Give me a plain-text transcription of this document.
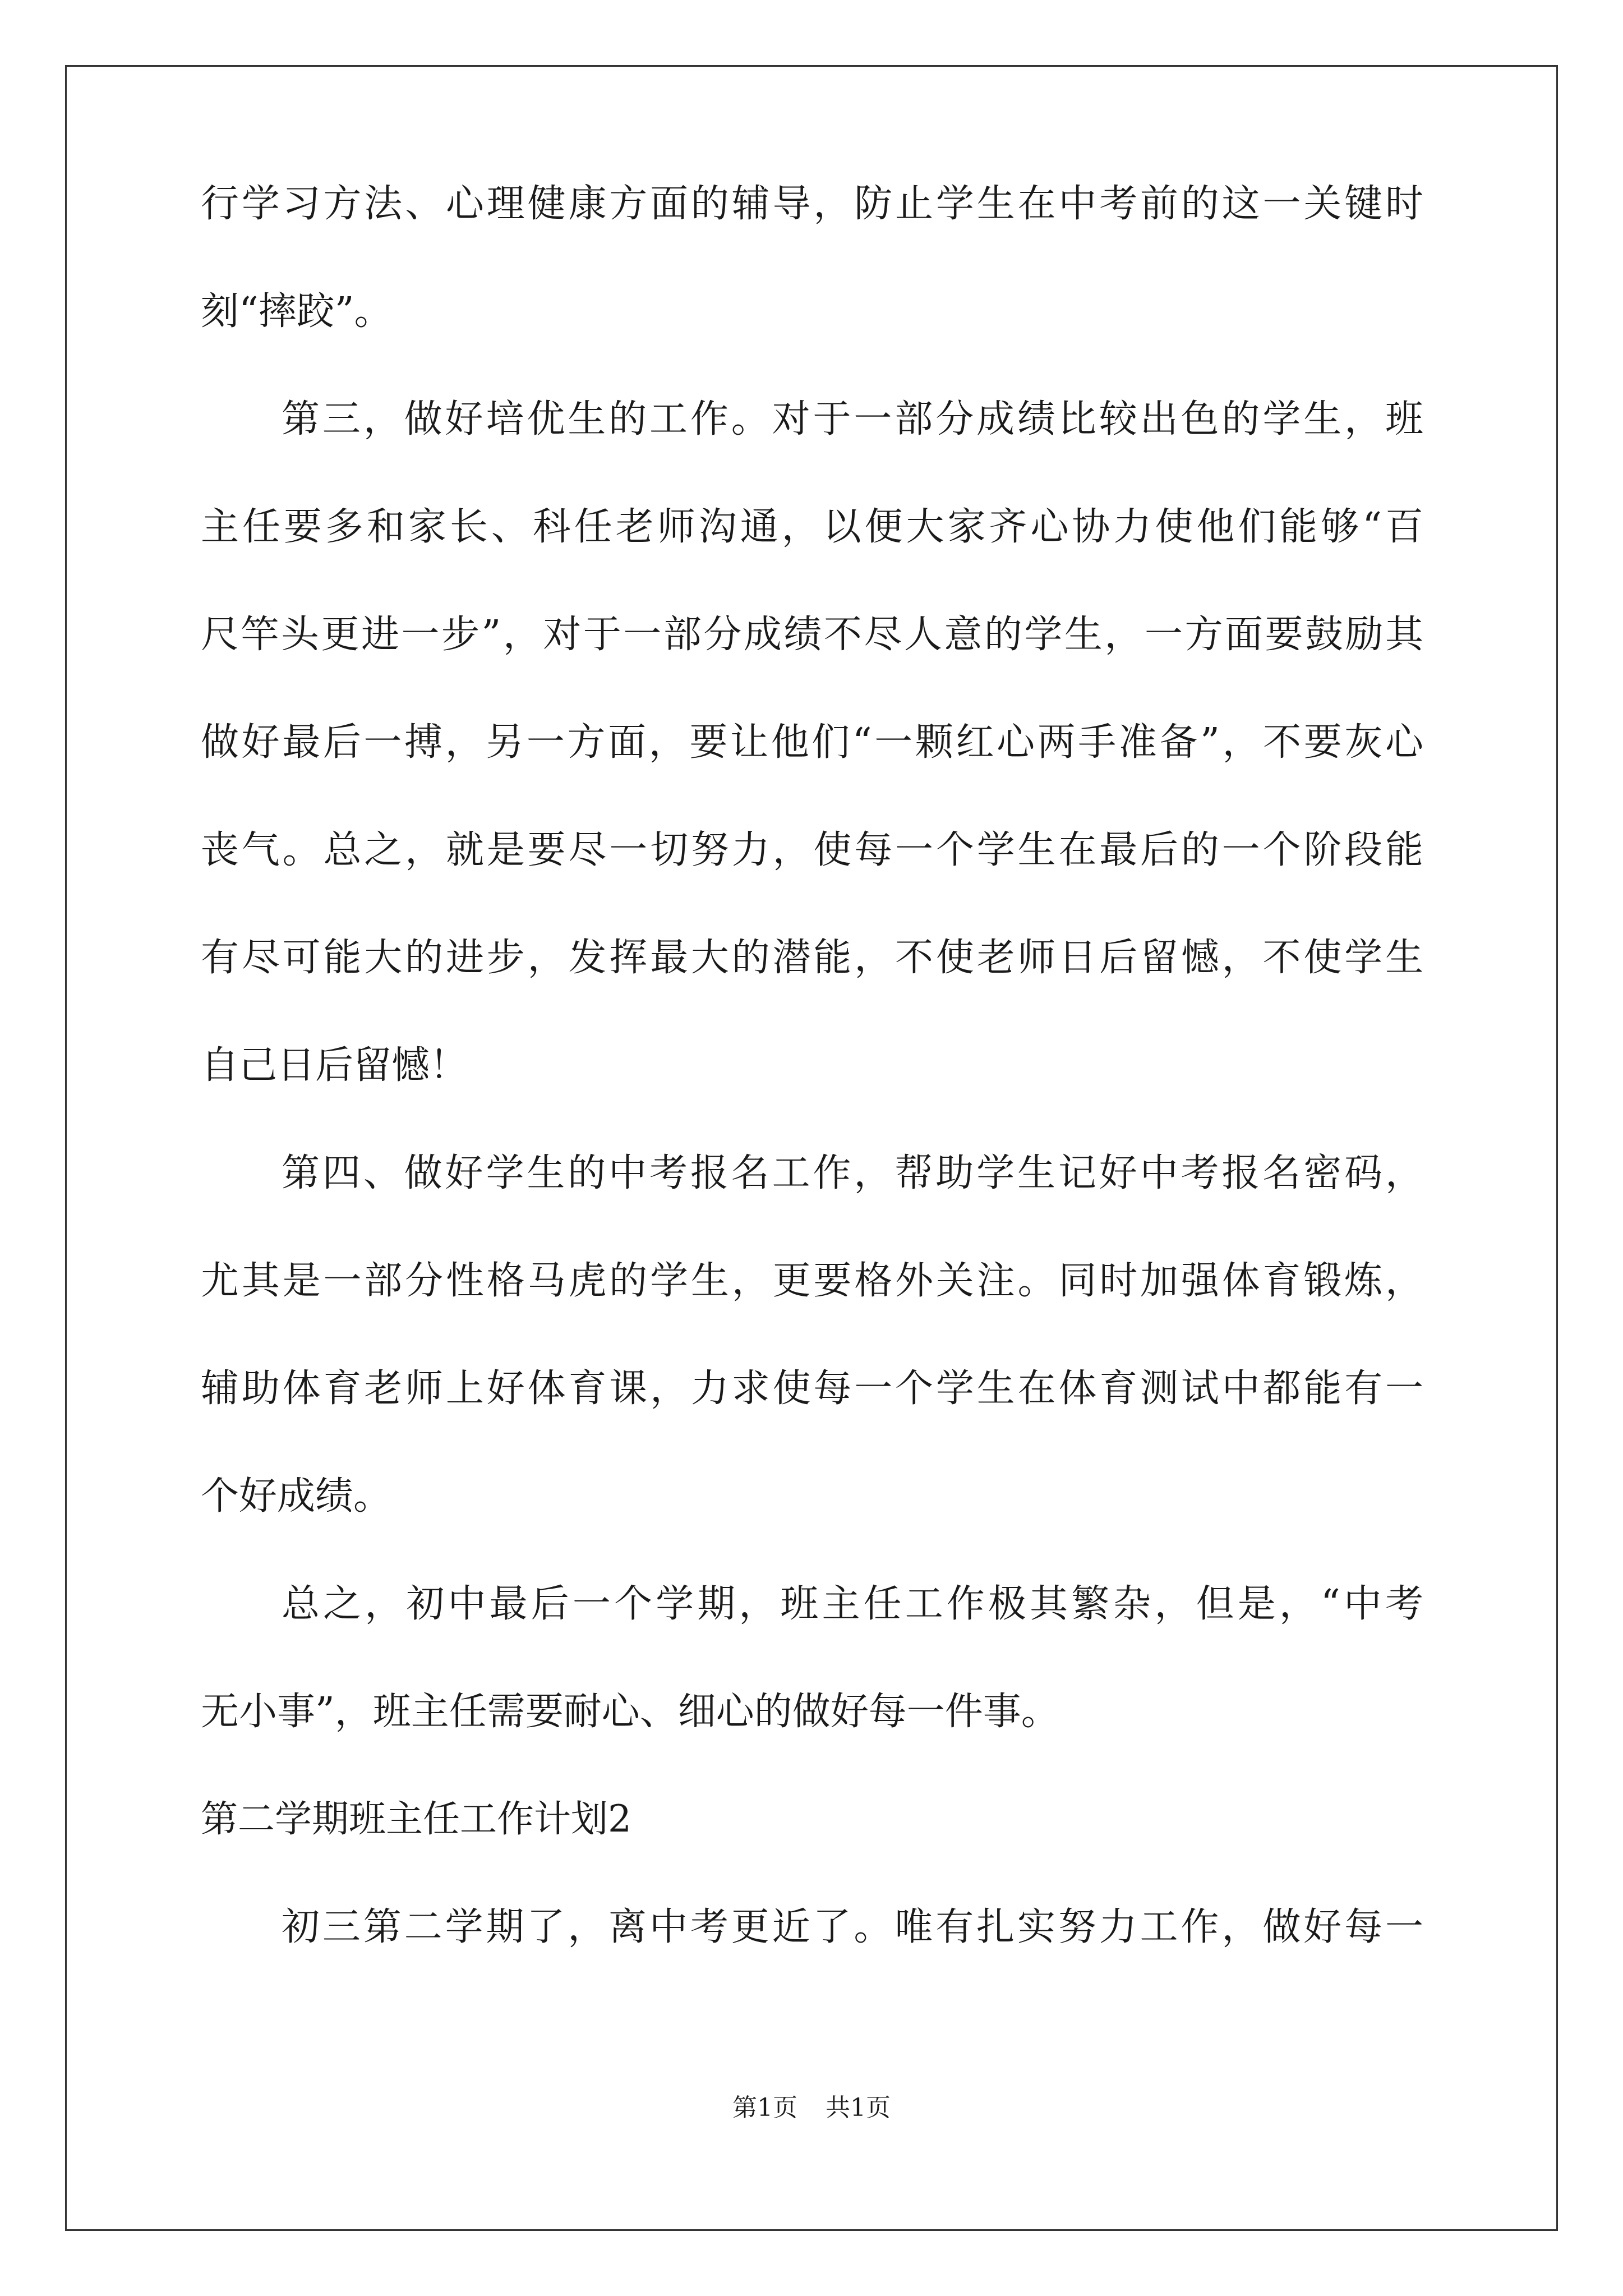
行学习方法、心理健康方面的辅导，防止学生在中考前的这一关键时
刻“摔跤”。
第三，做好培优生的工作。对于一部分成绩比较出色的学生，班
主任要多和家长、科任老师沟通，以便大家齐心协力使他们能够“百
尺竿头更进一步”，对于一部分成绩不尽人意的学生，一方面要鼓励其
做好最后一搏，另一方面，要让他们“一颗红心两手准备”，不要灰心
丧气。总之，就是要尽一切努力，使每一个学生在最后的一个阶段能
有尽可能大的进步，发挥最大的潜能，不使老师日后留憾，不使学生
自己日后留憾！
第四、做好学生的中考报名工作，帮助学生记好中考报名密码，
尤其是一部分性格马虎的学生，更要格外关注。同时加强体育锻炼，
辅助体育老师上好体育课，力求使每一个学生在体育测试中都能有一
个好成绩。
总之，初中最后一个学期，班主任工作极其繁杂，但是，“中考
无小事”，班主任需要耐心、细心的做好每一件事。
第二学期班主任工作计划2
初三第二学期了，离中考更近了。唯有扎实努力工作，做好每一
第1页 共1页
